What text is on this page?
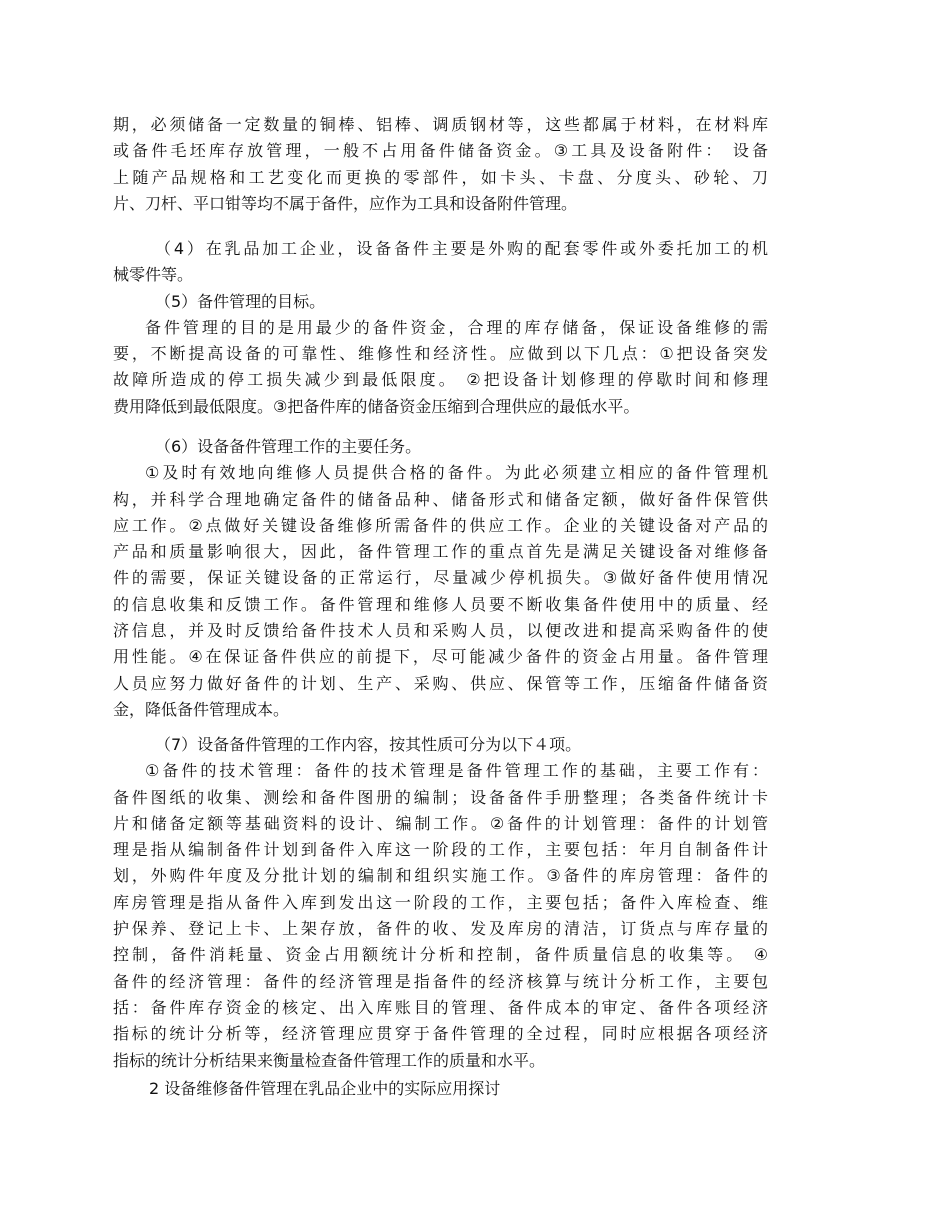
期，必须储备一定数量的铜棒、铝棒、调质钢材等，这些都属于材料，在材料库
或备件毛坯库存放管理，一般不占用备件储备资金。③工具及设备附件： 设备
上随产品规格和工艺变化而更换的零部件，如卡头、卡盘、分度头、砂轮、刀
片、刀杆、平口钳等均不属于备件，应作为工具和设备附件管理。
（4）在乳品加工企业，设备备件主要是外购的配套零件或外委托加工的机
械零件等。
（5）备件管理的目标。
备件管理的目的是用最少的备件资金，合理的库存储备，保证设备维修的需
要，不断提高设备的可靠性、维修性和经济性。应做到以下几点：①把设备突发
故障所造成的停工损失减少到最低限度。 ②把设备计划修理的停歇时间和修理
费用降低到最低限度。③把备件库的储备资金压缩到合理供应的最低水平。
（6）设备备件管理工作的主要任务。
①及时有效地向维修人员提供合格的备件。为此必须建立相应的备件管理机
构，并科学合理地确定备件的储备品种、储备形式和储备定额，做好备件保管供
应工作。②点做好关键设备维修所需备件的供应工作。企业的关键设备对产品的
产品和质量影响很大，因此，备件管理工作的重点首先是满足关键设备对维修备
件的需要，保证关键设备的正常运行，尽量减少停机损失。③做好备件使用情况
的信息收集和反馈工作。备件管理和维修人员要不断收集备件使用中的质量、经
济信息，并及时反馈给备件技术人员和采购人员，以便改进和提高采购备件的使
用性能。④在保证备件供应的前提下，尽可能减少备件的资金占用量。备件管理
人员应努力做好备件的计划、生产、采购、供应、保管等工作，压缩备件储备资
金，降低备件管理成本。
（7）设备备件管理的工作内容，按其性质可分为以下４项。
①备件的技术管理：备件的技术管理是备件管理工作的基础，主要工作有：
备件图纸的收集、测绘和备件图册的编制；设备备件手册整理；各类备件统计卡
片和储备定额等基础资料的设计、编制工作。②备件的计划管理：备件的计划管
理是指从编制备件计划到备件入库这一阶段的工作，主要包括：年月自制备件计
划，外购件年度及分批计划的编制和组织实施工作。③备件的库房管理：备件的
库房管理是指从备件入库到发出这一阶段的工作，主要包括；备件入库检查、维
护保养、登记上卡、上架存放，备件的收、发及库房的清洁，订货点与库存量的
控制，备件消耗量、资金占用额统计分析和控制，备件质量信息的收集等。 ④
备件的经济管理：备件的经济管理是指备件的经济核算与统计分析工作，主要包
括：备件库存资金的核定、出入库账目的管理、备件成本的审定、备件各项经济
指标的统计分析等，经济管理应贯穿于备件管理的全过程，同时应根据各项经济
指标的统计分析结果来衡量检查备件管理工作的质量和水平。
2 设备维修备件管理在乳品企业中的实际应用探讨
